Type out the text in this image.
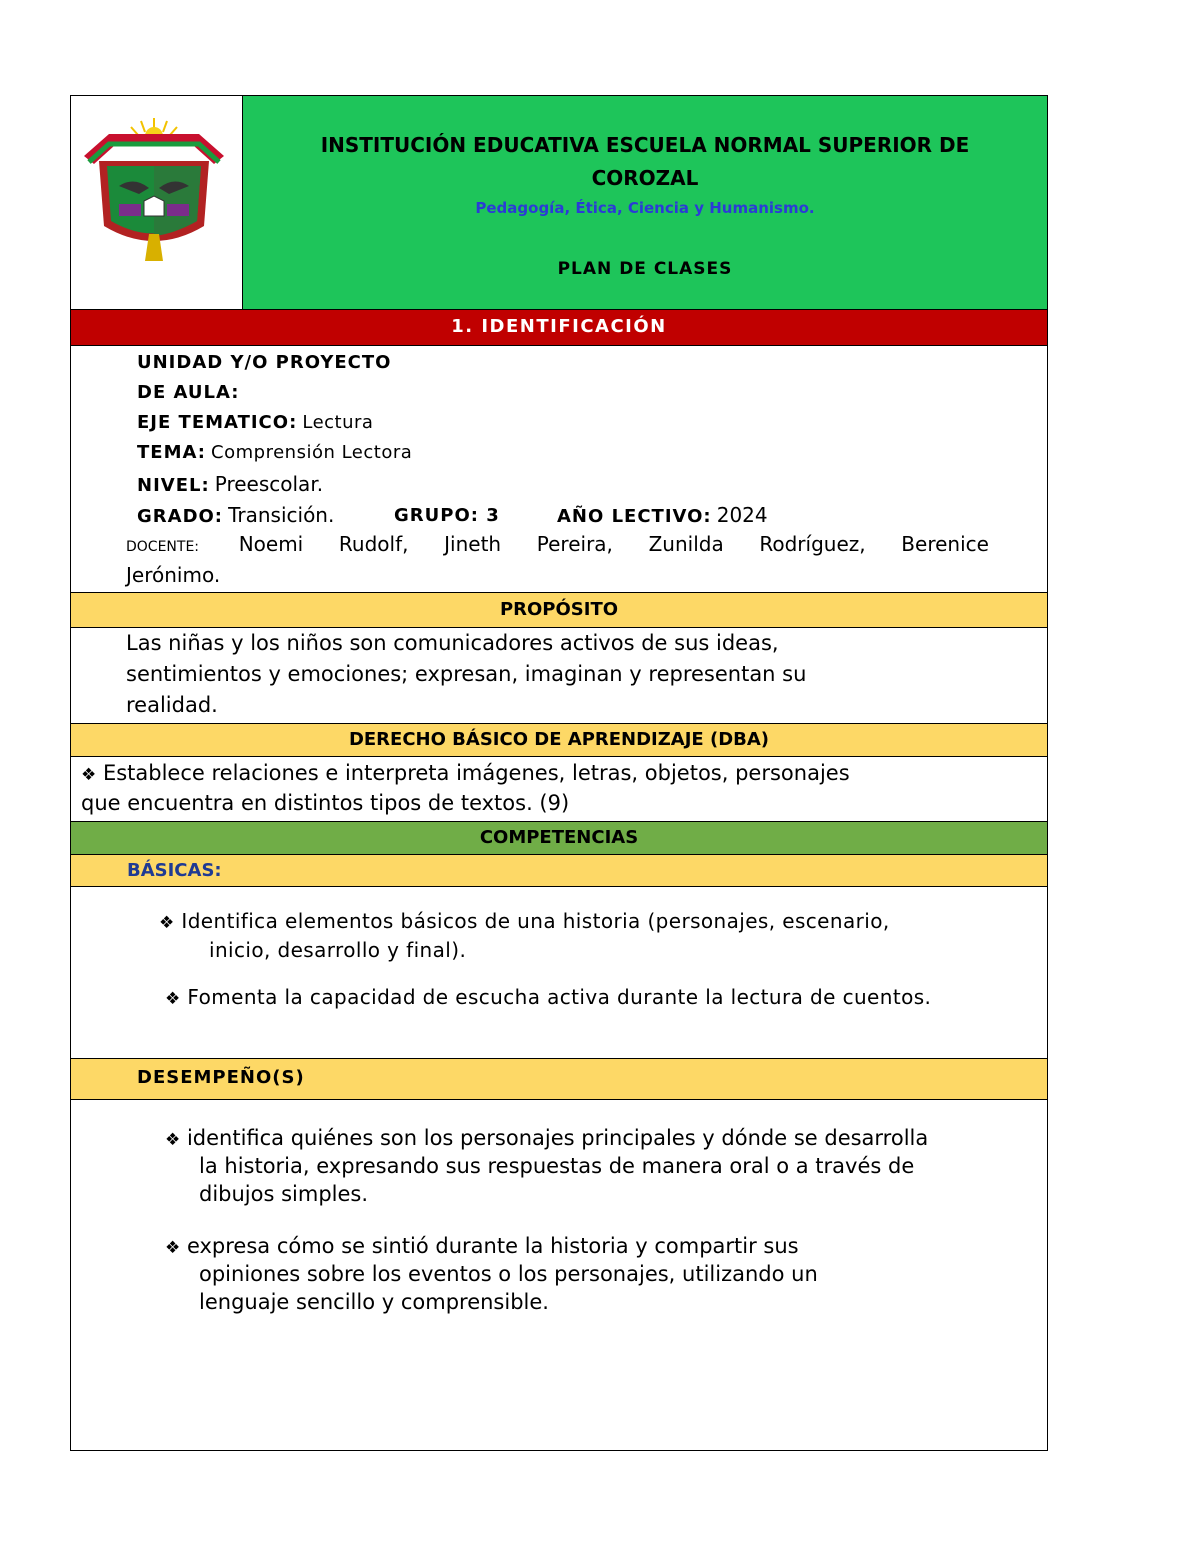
INSTITUCIÓN EDUCATIVA ESCUELA NORMAL SUPERIOR DE
COROZAL
Pedagogía, Ética, Ciencia y Humanismo.
PLAN DE CLASES
1. IDENTIFICACIÓN
UNIDAD Y/O PROYECTO
DE AULA:
EJE TEMATICO: Lectura
TEMA: Comprensión Lectora
NIVEL: Preescolar.
GRADO: Transición.	GRUPO: 3	AÑO LECTIVO: 2024
DOCENTE: Noemi Rudolf, Jineth Pereira, Zunilda Rodríguez, Berenice
Jerónimo.
PROPÓSITO
Las niñas y los niños son comunicadores activos de sus ideas,
sentimientos y emociones; expresan, imaginan y representan su
realidad.
DERECHO BÁSICO DE APRENDIZAJE (DBA)
❖ Establece relaciones e interpreta imágenes, letras, objetos, personajes
que encuentra en distintos tipos de textos. (9)
COMPETENCIAS
BÁSICAS:
❖ Identifica elementos básicos de una historia (personajes, escenario,
inicio, desarrollo y final).
❖ Fomenta la capacidad de escucha activa durante la lectura de cuentos.
DESEMPEÑO(S)
❖ identifica quiénes son los personajes principales y dónde se desarrolla
la historia, expresando sus respuestas de manera oral o a través de
dibujos simples.
❖ expresa cómo se sintió durante la historia y compartir sus
opiniones sobre los eventos o los personajes, utilizando un
lenguaje sencillo y comprensible.
